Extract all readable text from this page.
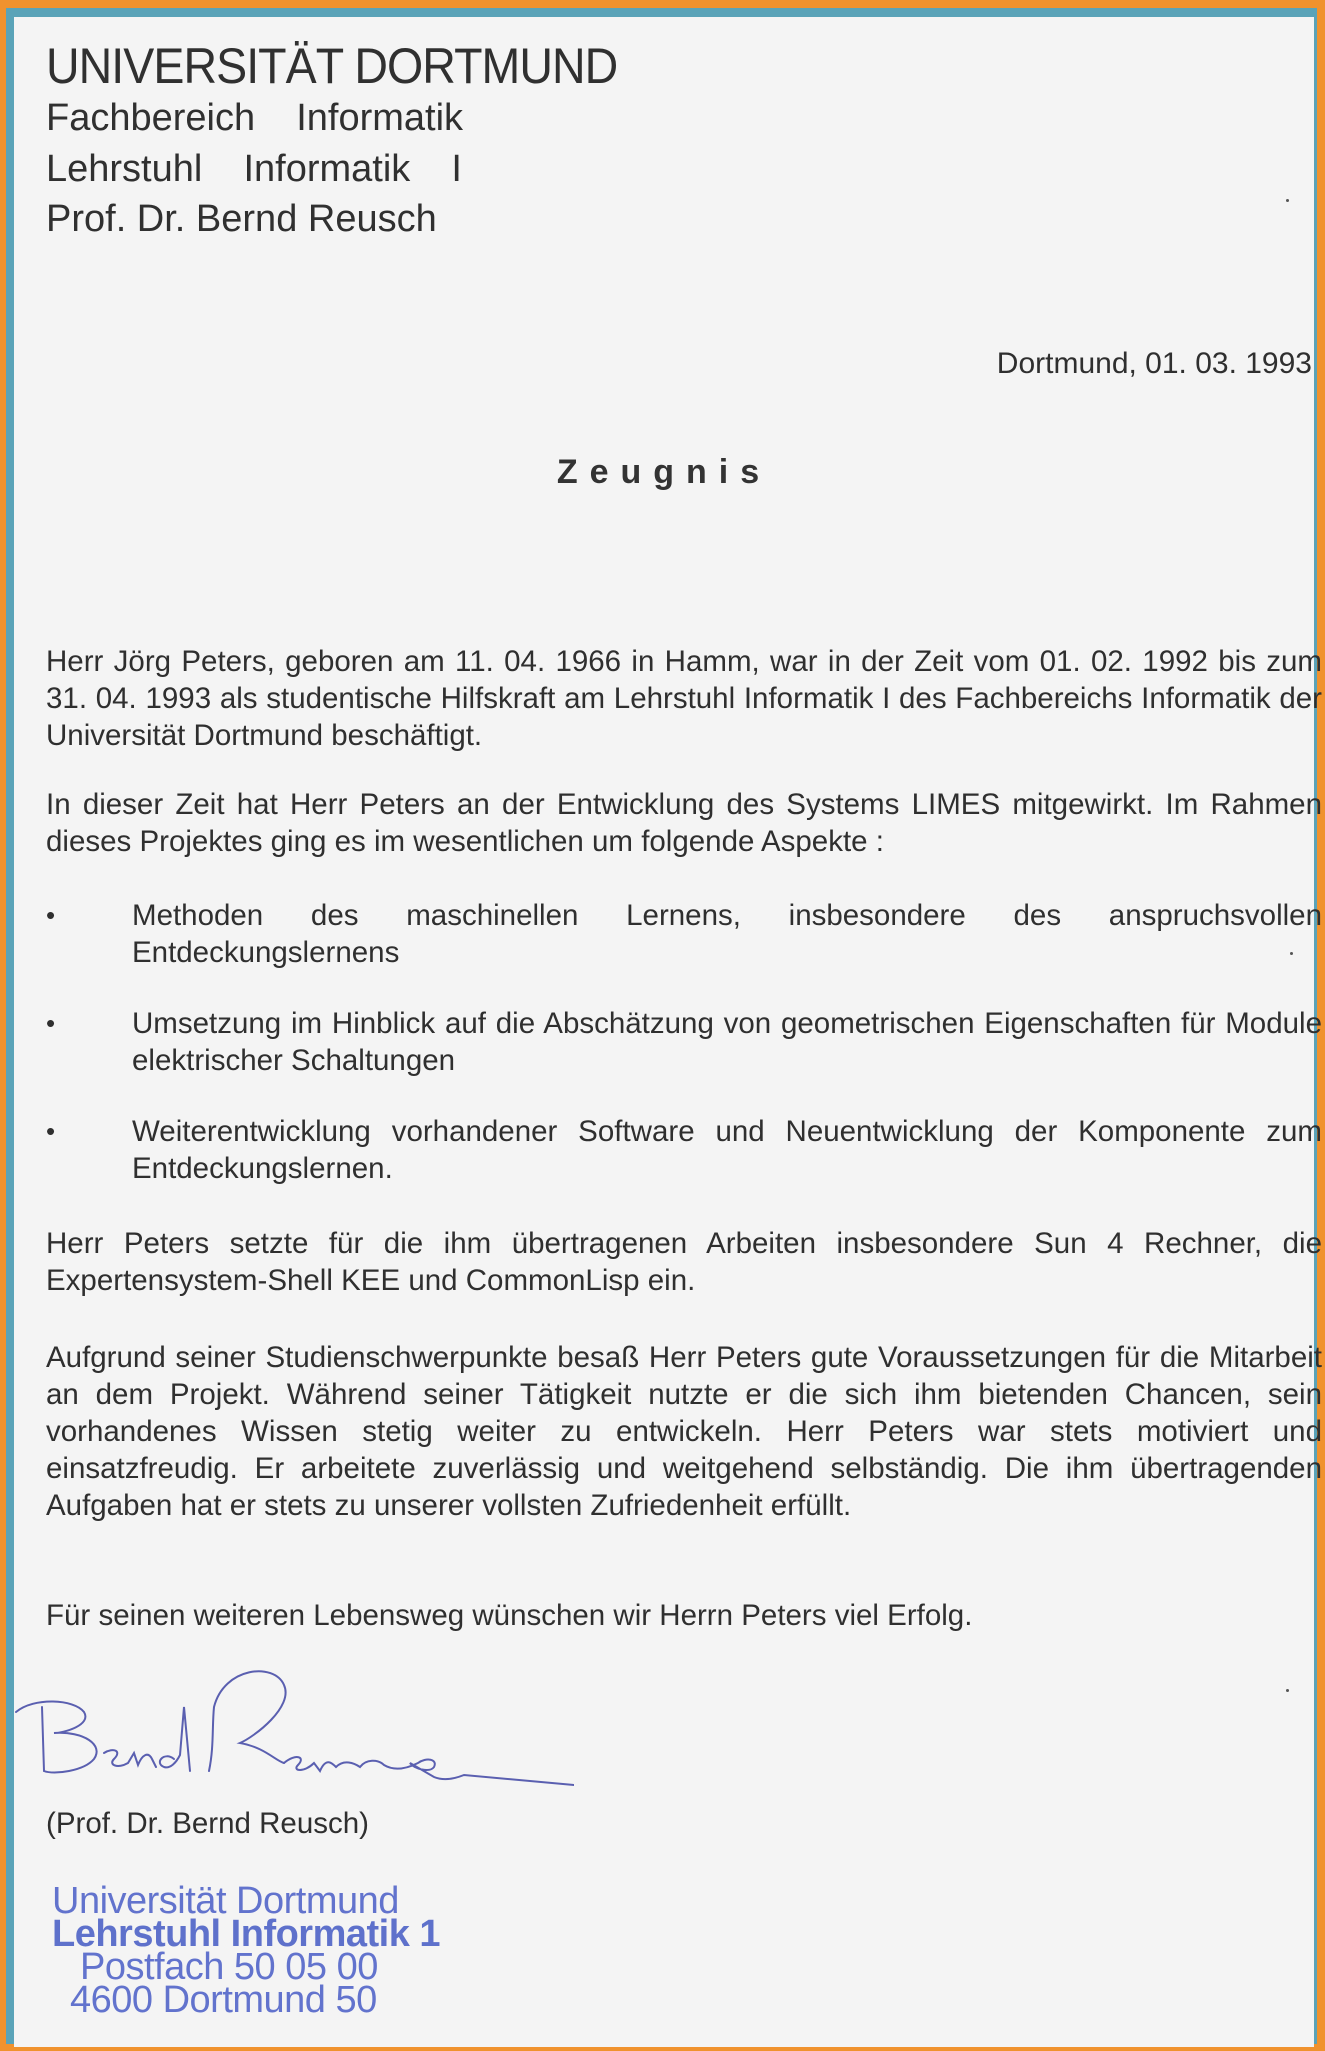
UNIVERSITÄT DORTMUND
Fachbereich  Informatik
Lehrstuhl  Informatik  I
Prof. Dr. Bernd Reusch
Dortmund, 01. 03. 1993
Zeugnis

Herr Jörg Peters, geboren am 11. 04. 1966 in Hamm, war in der Zeit vom 01. 02. 1992 bis zum 31. 04. 1993 als studentische Hilfskraft am Lehrstuhl Informatik I des Fachbereichs Informatik der Universität Dortmund beschäftigt.

In dieser Zeit hat Herr Peters an der Entwicklung des Systems LIMES mitgewirkt. Im Rahmen dieses Projektes ging es im wesentlichen um folgende Aspekte :

•	Methoden des maschinellen Lernens, insbesondere des anspruchsvollen Entdeckungslernens
•	Umsetzung im Hinblick auf die Abschätzung von geometrischen Eigenschaften für Module elektrischer Schaltungen
•	Weiterentwicklung vorhandener Software und Neuentwicklung der Komponente zum Entdeckungslernen.

Herr Peters setzte für die ihm übertragenen Arbeiten insbesondere Sun 4 Rechner, die Expertensystem-Shell KEE und CommonLisp ein.

Aufgrund seiner Studienschwerpunkte besaß Herr Peters gute Voraussetzungen für die Mitarbeit an dem Projekt. Während seiner Tätigkeit nutzte er die sich ihm bietenden Chancen, sein vorhandenes Wissen stetig weiter zu entwickeln. Herr Peters war stets motiviert und einsatzfreudig. Er arbeitete zuverlässig und weitgehend selbständig. Die ihm übertragenden Aufgaben hat er stets zu unserer vollsten Zufriedenheit erfüllt.

Für seinen weiteren Lebensweg wünschen wir Herrn Peters viel Erfolg.

(Prof. Dr. Bernd Reusch)
Universität Dortmund
Lehrstuhl Informatik 1
Postfach 50 05 00
4600 Dortmund 50
